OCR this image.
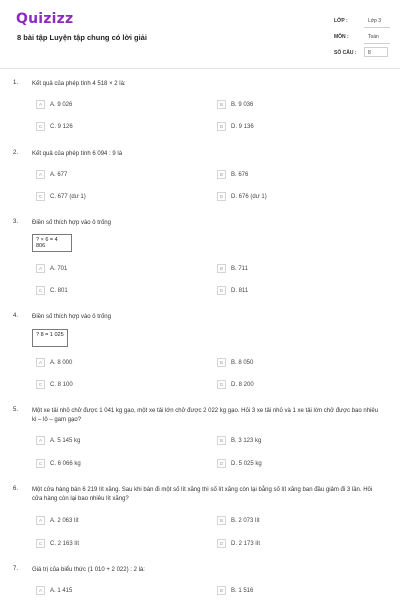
Quizizz
8 bài tập Luyện tập chung có lời giải
LỚP :	Lớp 3
MÔN :	Toán
SỐ CÂU : 8
1. Kết quả của phép tính 4 518 × 2 là:
A	A. 9 026	B	B. 9 036
C	C. 9 126	D	D. 9 136
2. Kết quả của phép tính 6 094 : 9 là
A	A. 677	B	B. 676
C	C. 677 (dư 1)	D	D. 676 (dư 1)
3. Điền số thích hợp vào ô trống
? × 6 = 4 806
A	A. 701	B	B. 711
C	C. 801	D	D. 811
4. Điền số thích hợp vào ô trống
? 8 = 1 025
A	A. 8 000	B	B. 8 050
C	C. 8 100	D	D. 8 200
5. Một xe tải nhỏ chở được 1 041 kg gạo, một xe tải lớn chở được 2 022 kg gạo. Hỏi 3 xe tải nhỏ và 1 xe tải lớn chở được bao nhiêu ki – lô – gam gạo?
A	A. 5 145 kg	B	B. 3 123 kg
C	C. 6 066 kg	D	D. 5 025 kg
6. Một cửa hàng bán 6 219 lít xăng. Sau khi bán đi một số lít xăng thì số lít xăng còn lại bằng số lít xăng ban đầu giảm đi 3 lần. Hỏi cửa hàng còn lại bao nhiêu lít xăng?
A	A. 2 063 lít	B	B. 2 073 lít
C	C. 2 163 lít	D	D. 2 173 lít
7. Giá trị của biểu thức (1 010 + 2 022) : 2 là:
A	A. 1 415	B	B. 1 516
